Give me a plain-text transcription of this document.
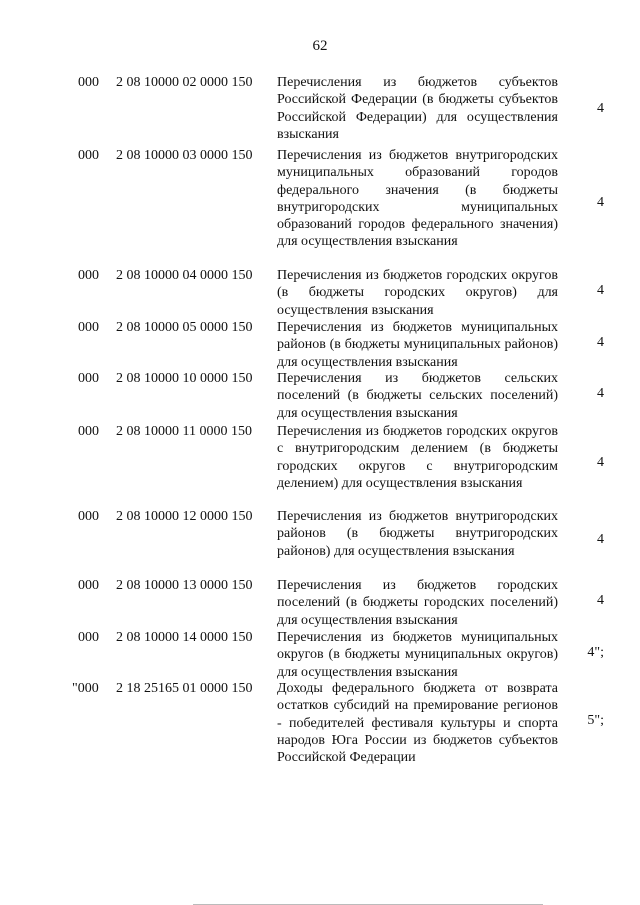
62
000 2 08 10000 02 0000 150 Перечисления из бюджетов субъектов Российской Федерации (в бюджеты субъектов Российской Федерации) для осуществления взыскания
4
000 2 08 10000 03 0000 150 Перечисления из бюджетов внутригородских муниципальных образований городов федерального значения (в бюджеты внутригородских муниципальных образований городов федерального значения) для осуществления взыскания
4
000 2 08 10000 04 0000 150 Перечисления из бюджетов городских округов (в бюджеты городских округов) для осуществления взыскания
4
000 2 08 10000 05 0000 150 Перечисления из бюджетов муниципальных районов (в бюджеты муниципальных районов) для осуществления взыскания
4
000 2 08 10000 10 0000 150 Перечисления из бюджетов сельских поселений (в бюджеты сельских поселений) для осуществления взыскания
4
000 2 08 10000 11 0000 150 Перечисления из бюджетов городских округов с внутригородским делением (в бюджеты городских округов с внутригородским делением) для осуществления взыскания
4
000 2 08 10000 12 0000 150 Перечисления из бюджетов внутригородских районов (в бюджеты внутригородских районов) для осуществления взыскания
4
000 2 08 10000 13 0000 150 Перечисления из бюджетов городских поселений (в бюджеты городских поселений) для осуществления взыскания
4
000 2 08 10000 14 0000 150 Перечисления из бюджетов муниципальных округов (в бюджеты муниципальных округов) для осуществления взыскания
4";
"000 2 18 25165 01 0000 150 Доходы федерального бюджета от возврата остатков субсидий на премирование регионов - победителей фестиваля культуры и спорта народов Юга России из бюджетов субъектов Российской Федерации
5";
